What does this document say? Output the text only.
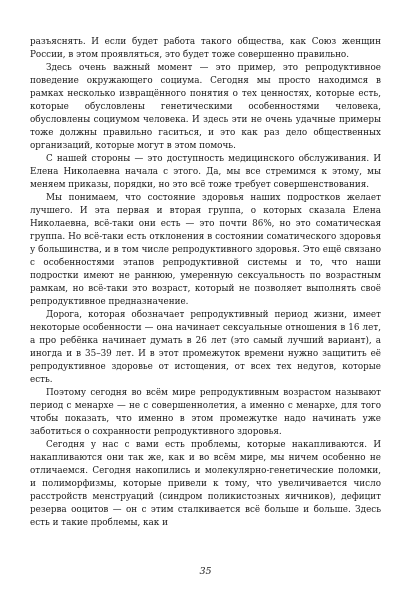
разъяснять. И если будет работа такого общества, как Союз женщин России, в этом проявляться, это будет тоже совершенно правильно.

Здесь очень важный момент — это пример, это репродуктивное поведение окружающего социума. Сегодня мы просто находимся в рамках несколько извращённого понятия о тех ценностях, которые есть, которые обусловлены генетическими особенностями человека, обусловлены социумом человека. И здесь эти не очень удачные примеры тоже должны правильно гаситься, и это как раз дело общественных организаций, которые могут в этом помочь.

С нашей стороны — это доступность медицинского обслуживания. И Елена Николаевна начала с этого. Да, мы все стремимся к этому, мы меняем приказы, порядки, но это всё тоже требует совершенствования.

Мы понимаем, что состояние здоровья наших подростков желает лучшего. И эта первая и вторая группа, о которых сказала Елена Николаевна, всё-таки они есть — это почти 86%, но это соматическая группа. Но всё-таки есть отклонения в состоянии соматического здоровья у большинства, и в том числе репродуктивного здоровья. Это ещё связано с особенностями этапов репродуктивной системы и то, что наши подростки имеют не раннюю, умеренную сексуальность по возрастным рамкам, но всё-таки это возраст, который не позволяет выполнять своё репродуктивное предназначение.

Дорога, которая обозначает репродуктивный период жизни, имеет некоторые особенности — она начинает сексуальные отношения в 16 лет, а про ребёнка начинает думать в 26 лет (это самый лучший вариант), а иногда и в 35–39 лет. И в этот промежуток времени нужно защитить её репродуктивное здоровье от истощения, от всех тех недугов, которые есть.

Поэтому сегодня во всём мире репродуктивным возрастом называют период с менархе — не с совершеннолетия, а именно с менархе, для того чтобы показать, что именно в этом промежутке надо начинать уже заботиться о сохранности репродуктивного здоровья.

Сегодня у нас с вами есть проблемы, которые накапливаются. И накапливаются они так же, как и во всём мире, мы ничем особенно не отличаемся. Сегодня накопились и молекулярно-генетические поломки, и полиморфизмы, которые привели к тому, что увеличивается число расстройств менструаций (синдром поликистозных яичников), дефицит резерва ооцитов — он с этим сталкивается всё больше и больше. Здесь есть и такие проблемы, как и

35
